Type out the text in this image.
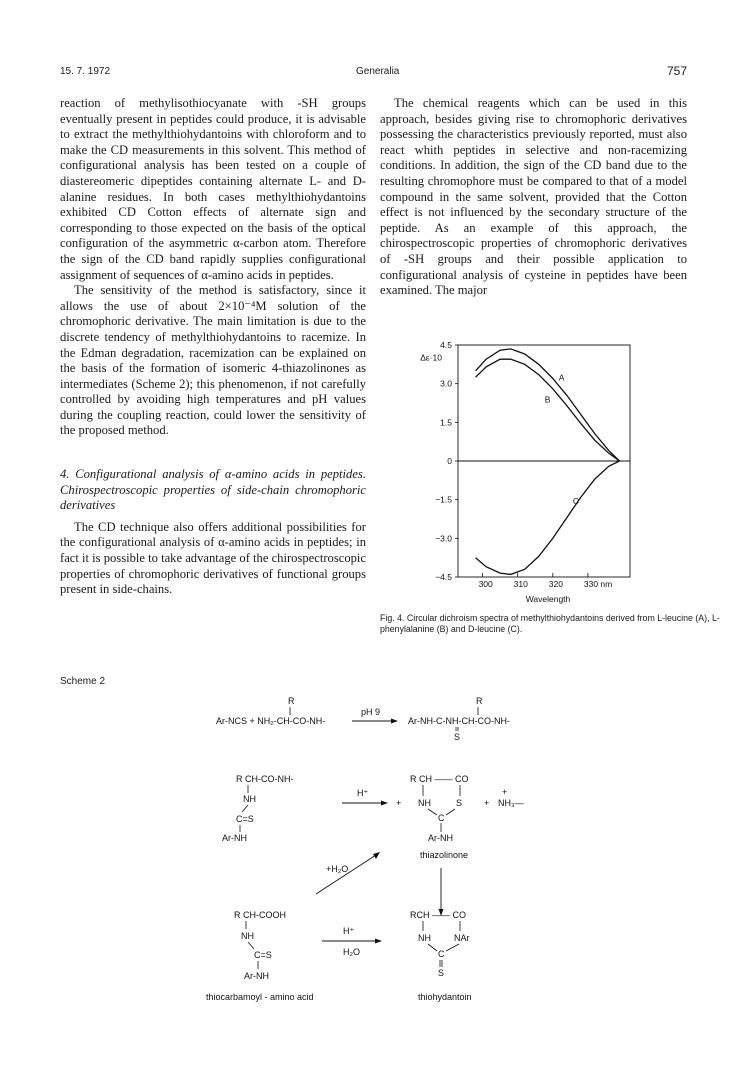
15. 7. 1972	Generalia	757

reaction of methylisothiocyanate with -SH groups eventually present in peptides could produce, it is advisable to extract the methylthiohydantoins with chloroform and to make the CD measurements in this solvent. This method of configurational analysis has been tested on a couple of diastereomeric dipeptides containing alternate L- and D-alanine residues. In both cases methylthiohydantoins exhibited CD Cotton effects of alternate sign and corresponding to those expected on the basis of the optical configuration of the asymmetric α-carbon atom. Therefore the sign of the CD band rapidly supplies configurational assignment of sequences of α-amino acids in peptides.

The sensitivity of the method is satisfactory, since it allows the use of about 2×10⁻⁴M solution of the chromophoric derivative. The main limitation is due to the discrete tendency of methylthiohydantoins to racemize. In the Edman degradation, racemization can be explained on the basis of the formation of isomeric 4-thiazolinones as intermediates (Scheme 2); this phenomenon, if not carefully controlled by avoiding high temperatures and pH values during the coupling reaction, could lower the sensitivity of the proposed method.

4. Configurational analysis of α-amino acids in peptides. Chirospectroscopic properties of side-chain chromophoric derivatives

The CD technique also offers additional possibilities for the configurational analysis of α-amino acids in peptides; in fact it is possible to take advantage of the chirospectroscopic properties of chromophoric derivatives of functional groups present in side-chains.

The chemical reagents which can be used in this approach, besides giving rise to chromophoric derivatives possessing the characteristics previously reported, must also react whith peptides in selective and non-racemizing conditions. In addition, the sign of the CD band due to the resulting chromophore must be compared to that of a model compound in the same solvent, provided that the Cotton effect is not influenced by the secondary structure of the peptide. As an example of this approach, the chirospectroscopic properties of chromophoric derivatives of -SH groups and their possible application to configurational analysis of cysteine in peptides have been examined. The major

4.5
3.0
1.5
0
−1.5
−3.0
−4.5
300 310 320 330 nm
Δε·10
Wavelength
A
B
C
Fig. 4. Circular dichroism spectra of methylthiohydantoins derived from L-leucine (A), L-phenylalanine (B) and D-leucine (C).
Scheme 2
R
Ar-NCS + NH₂-CH-CO-NH-
pH 9
R
Ar-NH-C-NH-CH-CO-NH-
S
R CH-CO-NH-
NH
C=S
Ar-NH
H⁺
R CH —— CO
+ NH	S
C
Ar-NH
+
+
NH₃—
thiazolinone
+H₂O
R CH-COOH
NH
C=S
Ar-NH
thiocarbamoyl - amino acid
H⁺
H₂O
RCH —— CO
NH	NAr
C
S
thiohydantoin
